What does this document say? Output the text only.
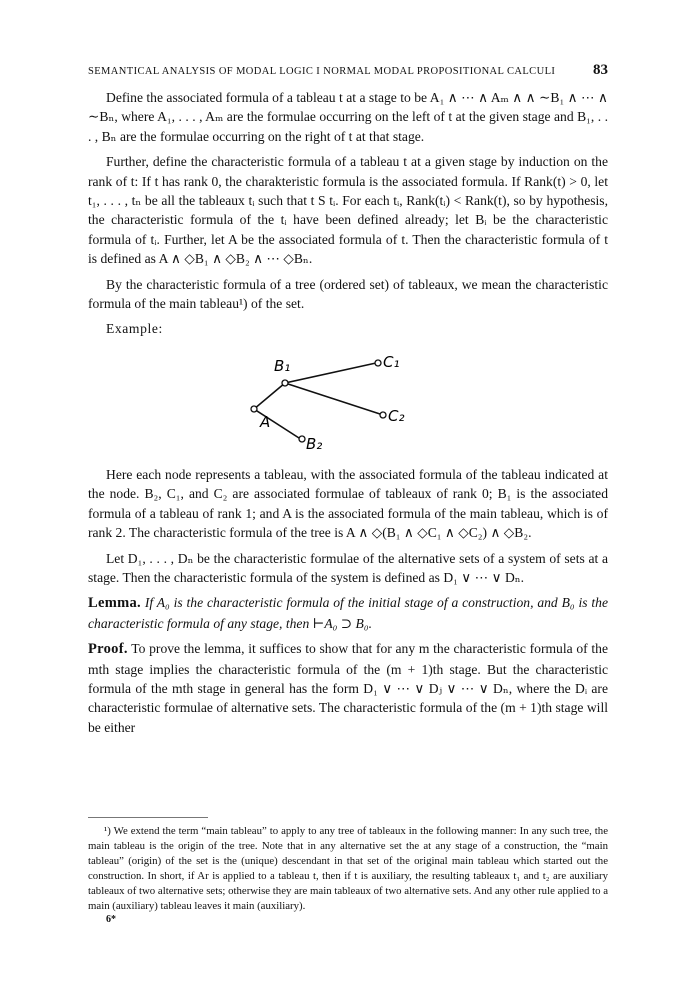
SEMANTICAL ANALYSIS OF MODAL LOGIC I NORMAL MODAL PROPOSITIONAL CALCULI	83

Define the associated formula of a tableau t at a stage to be A₁ ∧ ⋯ ∧ Aₘ ∧ ∧ ∼B₁ ∧ ⋯ ∧ ∼Bₙ, where A₁, . . . , Aₘ are the formulae occurring on the left of t at the given stage and B₁, . . . , Bₙ are the formulae occurring on the right of t at that stage.

Further, define the characteristic formula of a tableau t at a given stage by induction on the rank of t: If t has rank 0, the charakteristic formula is the associated formula. If Rank(t) > 0, let t₁, . . . , tₙ be all the tableaux tᵢ such that t S tᵢ. For each tᵢ, Rank(tᵢ) < Rank(t), so by hypothesis, the characteristic formula of the tᵢ have been defined already; let Bᵢ be the characteristic formula of tᵢ. Further, let A be the associated formula of t. Then the characteristic formula of t is defined as A ∧ ◇B₁ ∧ ◇B₂ ∧ ⋯ ◇Bₙ.

By the characteristic formula of a tree (ordered set) of tableaux, we mean the characteristic formula of the main tableau¹) of the set.

Example:

B₁	C₁
C₂
A
B₂

Here each node represents a tableau, with the associated formula of the tableau indicated at the node. B₂, C₁, and C₂ are associated formulae of tableaux of rank 0; B₁ is the associated formula of a tableau of rank 1; and A is the associated formula of the main tableau, which is of rank 2. The characteristic formula of the tree is A ∧ ◇(B₁ ∧ ◇C₁ ∧ ◇C₂) ∧ ◇B₂.

Let D₁, . . . , Dₙ be the characteristic formulae of the alternative sets of a system of sets at a stage. Then the characteristic formula of the system is defined as D₁ ∨ ⋯ ∨ Dₙ.

Lemma. If A₀ is the characteristic formula of the initial stage of a construction, and B₀ is the characteristic formula of any stage, then ⊢A₀ ⊃ B₀.

Proof. To prove the lemma, it suffices to show that for any m the characteristic formula of the mth stage implies the characteristic formula of the (m + 1)th stage. But the characteristic formula of the mth stage in general has the form D₁ ∨ ⋯ ∨ Dⱼ ∨ ⋯ ∨ Dₙ, where the Dᵢ are characteristic formulae of alternative sets. The characteristic formula of the (m + 1)th stage will be either

¹) We extend the term “main tableau” to apply to any tree of tableaux in the following manner: In any such tree, the main tableau is the origin of the tree. Note that in any alternative set the at any stage of a construction, the “main tableau” (origin) of the set is the (unique) descendant in that set of the original main tableau which started out the construction. In short, if Ar is applied to a tableau t, then if t is auxiliary, the resulting tableaux t₁ and t₂ are auxiliary tableaux of two alternative sets; otherwise they are main tableaux of two alternative sets. And any other rule applied to a main (auxiliary) tableau leaves it main (auxiliary).

6*
